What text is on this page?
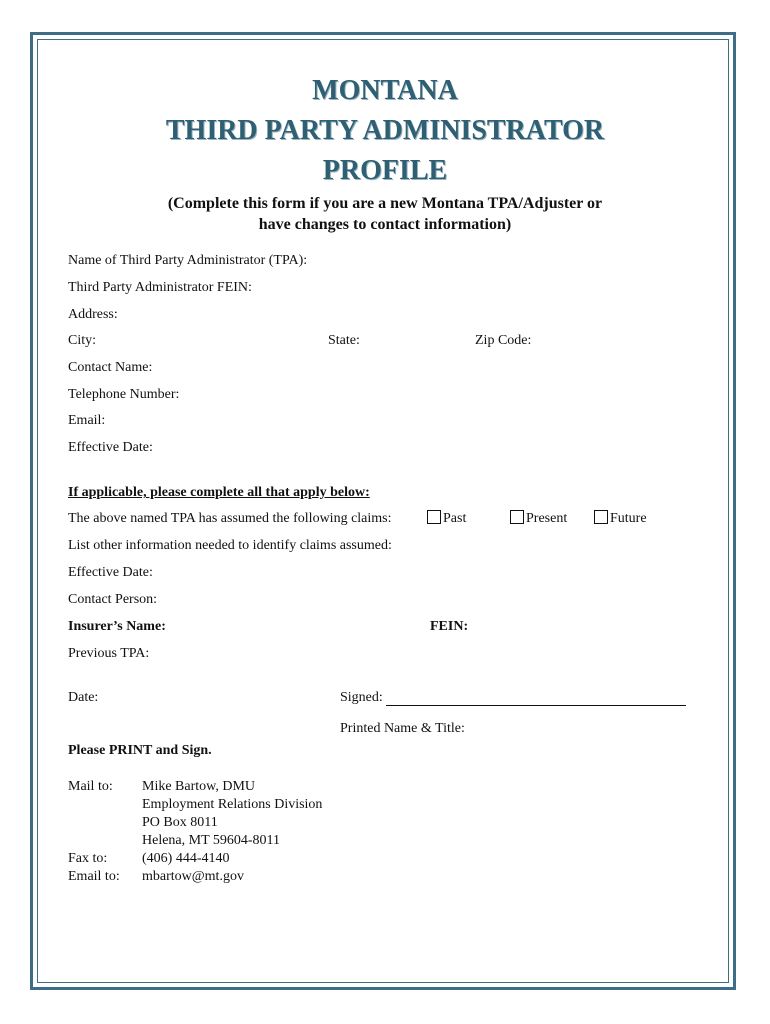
MONTANA
THIRD PARTY ADMINISTRATOR
PROFILE
(Complete this form if you are a new Montana TPA/Adjuster or
have changes to contact information)
Name of Third Party Administrator (TPA):
Third Party Administrator FEIN:
Address:
City:	State:	Zip Code:
Contact Name:
Telephone Number:
Email:
Effective Date:
If applicable, please complete all that apply below:
The above named TPA has assumed the following claims:	Past	Present	Future
List other information needed to identify claims assumed:
Effective Date:
Contact Person:
Insurer’s Name:	FEIN:
Previous TPA:
Date:	Signed:
Printed Name & Title:
Please PRINT and Sign.
Mail to: Mike Bartow, DMU
Employment Relations Division
PO Box 8011
Helena, MT 59604-8011
Fax to: (406) 444-4140
Email to: mbartow@mt.gov
